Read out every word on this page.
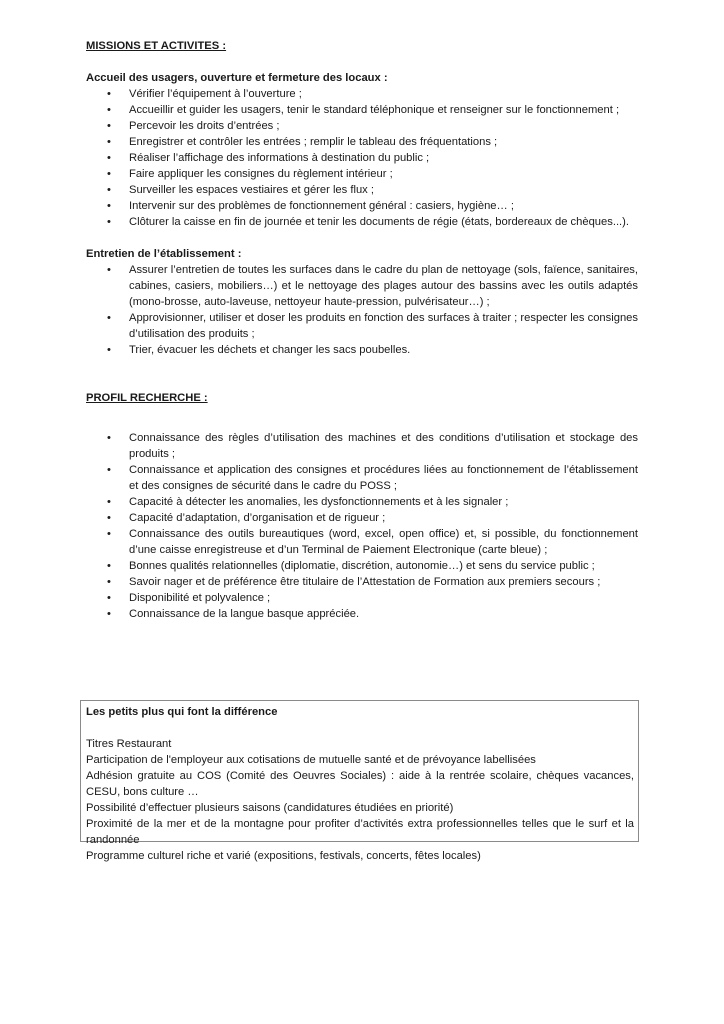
MISSIONS ET ACTIVITES :

Accueil des usagers, ouverture et fermeture des locaux :

• Vérifier l’équipement à l’ouverture ;
• Accueillir et guider les usagers, tenir le standard téléphonique et renseigner sur le fonctionnement ;
• Percevoir les droits d’entrées ;
• Enregistrer et contrôler les entrées ; remplir le tableau des fréquentations ;
• Réaliser l’affichage des informations à destination du public ;
• Faire appliquer les consignes du règlement intérieur ;
• Surveiller les espaces vestiaires et gérer les flux ;
• Intervenir sur des problèmes de fonctionnement général : casiers, hygiène… ;
• Clôturer la caisse en fin de journée et tenir les documents de régie (états, bordereaux de chèques...).

Entretien de l’établissement :

• Assurer l’entretien de toutes les surfaces dans le cadre du plan de nettoyage (sols, faïence, sanitaires, cabines, casiers, mobiliers…) et le nettoyage des plages autour des bassins avec les outils adaptés (mono-brosse, auto-laveuse, nettoyeur haute-pression, pulvérisateur…) ;
• Approvisionner, utiliser et doser les produits en fonction des surfaces à traiter ; respecter les consignes d’utilisation des produits ;
• Trier, évacuer les déchets et changer les sacs poubelles.

PROFIL RECHERCHE :

• Connaissance des règles d’utilisation des machines et des conditions d’utilisation et stockage des produits ;
• Connaissance et application des consignes et procédures liées au fonctionnement de l’établissement et des consignes de sécurité dans le cadre du POSS ;
• Capacité à détecter les anomalies, les dysfonctionnements et à les signaler ;
• Capacité d’adaptation, d’organisation et de rigueur ;
• Connaissance des outils bureautiques (word, excel, open office) et, si possible, du fonctionnement d’une caisse enregistreuse et d’un Terminal de Paiement Electronique (carte bleue) ;
• Bonnes qualités relationnelles (diplomatie, discrétion, autonomie…) et sens du service public ;
• Savoir nager et de préférence être titulaire de l’Attestation de Formation aux premiers secours ;
• Disponibilité et polyvalence ;
• Connaissance de la langue basque appréciée.

Les petits plus qui font la différence

Titres Restaurant

Participation de l'employeur aux cotisations de mutuelle santé et de prévoyance labellisées

Adhésion gratuite au COS (Comité des Oeuvres Sociales) : aide à la rentrée scolaire, chèques vacances, CESU, bons culture …

Possibilité d’effectuer plusieurs saisons (candidatures étudiées en priorité)

Proximité de la mer et de la montagne pour profiter d’activités extra professionnelles telles que le surf et la randonnée

Programme culturel riche et varié (expositions, festivals, concerts, fêtes locales)
